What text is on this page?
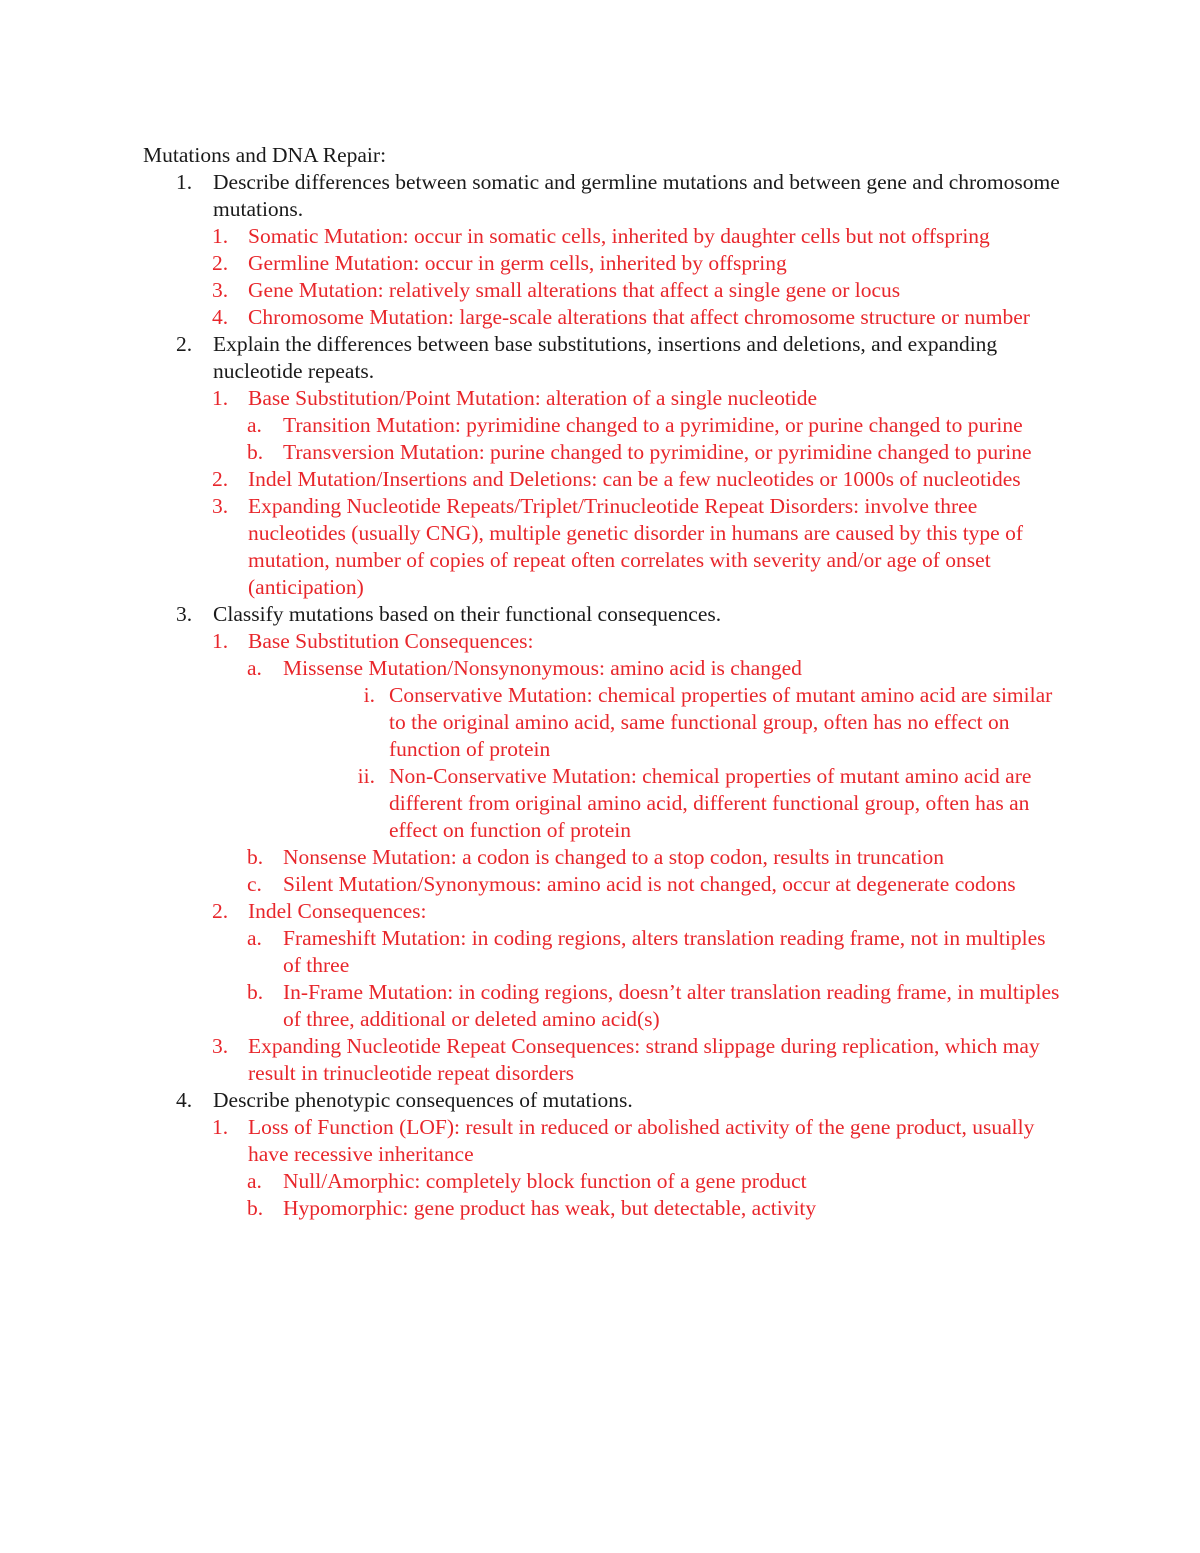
Mutations and DNA Repair:

1. Describe differences between somatic and germline mutations and between gene and chromosome mutations.
1. Somatic Mutation: occur in somatic cells, inherited by daughter cells but not offspring
2. Germline Mutation: occur in germ cells, inherited by offspring
3. Gene Mutation: relatively small alterations that affect a single gene or locus
4. Chromosome Mutation: large-scale alterations that affect chromosome structure or number
2. Explain the differences between base substitutions, insertions and deletions, and expanding nucleotide repeats.
1. Base Substitution/Point Mutation: alteration of a single nucleotide
a. Transition Mutation: pyrimidine changed to a pyrimidine, or purine changed to purine
b. Transversion Mutation: purine changed to pyrimidine, or pyrimidine changed to purine
2. Indel Mutation/Insertions and Deletions: can be a few nucleotides or 1000s of nucleotides
3. Expanding Nucleotide Repeats/Triplet/Trinucleotide Repeat Disorders: involve three nucleotides (usually CNG), multiple genetic disorder in humans are caused by this type of mutation, number of copies of repeat often correlates with severity and/or age of onset (anticipation)
3. Classify mutations based on their functional consequences.
1. Base Substitution Consequences:
a. Missense Mutation/Nonsynonymous: amino acid is changed
i. Conservative Mutation: chemical properties of mutant amino acid are similar to the original amino acid, same functional group, often has no effect on function of protein
ii. Non-Conservative Mutation: chemical properties of mutant amino acid are different from original amino acid, different functional group, often has an effect on function of protein
b. Nonsense Mutation: a codon is changed to a stop codon, results in truncation
c. Silent Mutation/Synonymous: amino acid is not changed, occur at degenerate codons
2. Indel Consequences:
a. Frameshift Mutation: in coding regions, alters translation reading frame, not in multiples of three
b. In-Frame Mutation: in coding regions, doesn’t alter translation reading frame, in multiples of three, additional or deleted amino acid(s)
3. Expanding Nucleotide Repeat Consequences: strand slippage during replication, which may result in trinucleotide repeat disorders
4. Describe phenotypic consequences of mutations.
1. Loss of Function (LOF): result in reduced or abolished activity of the gene product, usually have recessive inheritance
a. Null/Amorphic: completely block function of a gene product
b. Hypomorphic: gene product has weak, but detectable, activity
